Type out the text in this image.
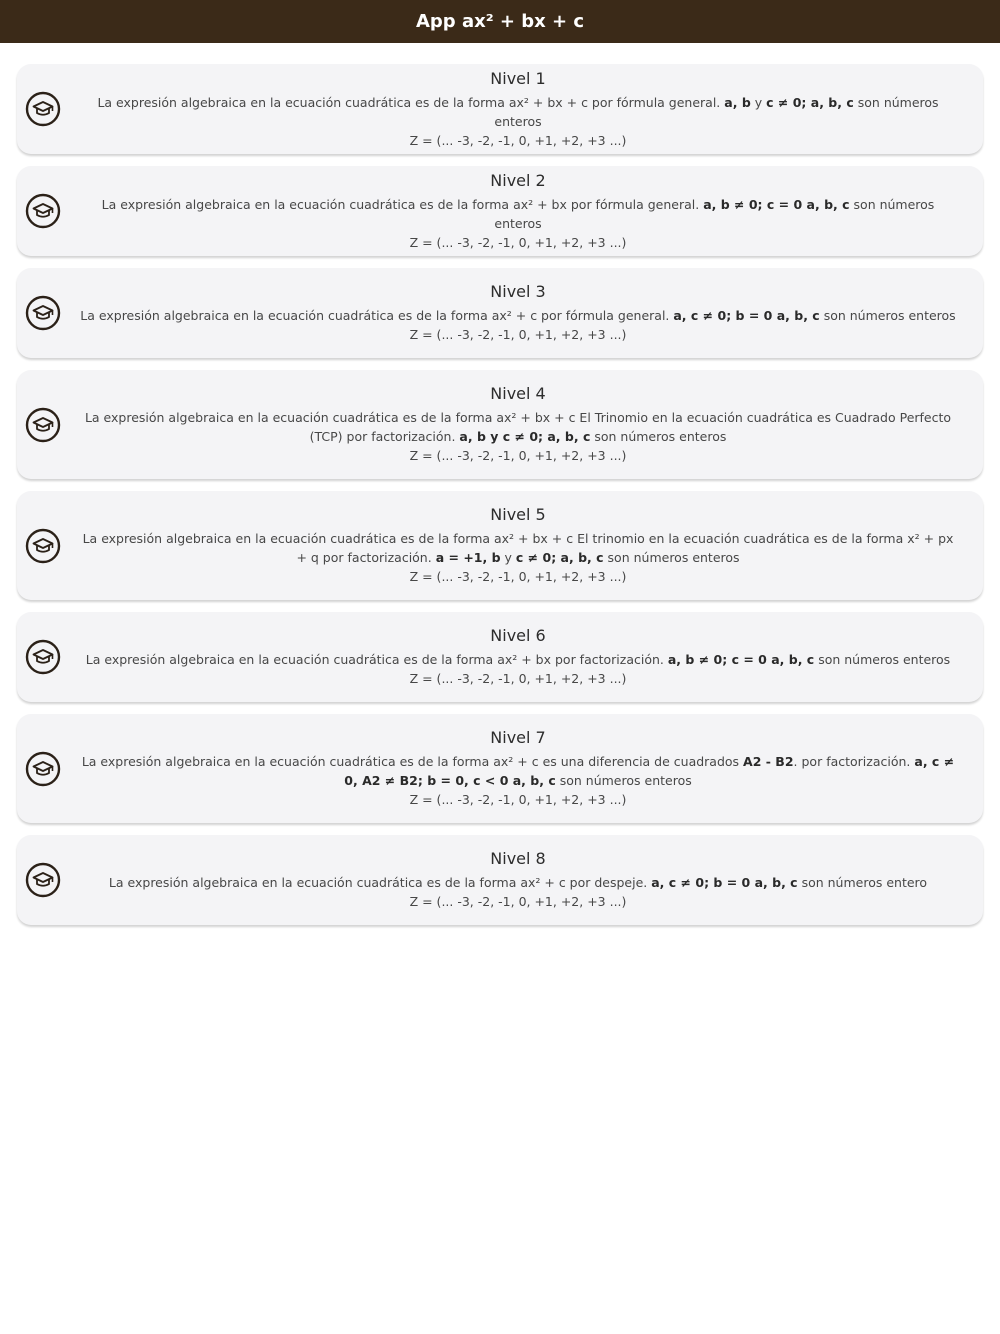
App ax² + bx + c
Nivel 1
La expresión algebraica en la ecuación cuadrática es de la forma ax² + bx + c por fórmula general. a, b y c ≠ 0; a, b, c son números enteros
Z = (... -3, -2, -1, 0, +1, +2, +3 ...)
Nivel 2
La expresión algebraica en la ecuación cuadrática es de la forma ax² + bx por fórmula general. a, b ≠ 0; c = 0 a, b, c son números enteros
Z = (... -3, -2, -1, 0, +1, +2, +3 ...)
Nivel 3
La expresión algebraica en la ecuación cuadrática es de la forma ax² + c por fórmula general. a, c ≠ 0; b = 0 a, b, c son números enteros
Z = (... -3, -2, -1, 0, +1, +2, +3 ...)
Nivel 4
La expresión algebraica en la ecuación cuadrática es de la forma ax² + bx + c El Trinomio en la ecuación cuadrática es Cuadrado Perfecto (TCP) por factorización. a, b y c ≠ 0; a, b, c son números enteros
Z = (... -3, -2, -1, 0, +1, +2, +3 ...)
Nivel 5
La expresión algebraica en la ecuación cuadrática es de la forma ax² + bx + c El trinomio en la ecuación cuadrática es de la forma x² + px + q por factorización. a = +1, b y c ≠ 0; a, b, c son números enteros
Z = (... -3, -2, -1, 0, +1, +2, +3 ...)
Nivel 6
La expresión algebraica en la ecuación cuadrática es de la forma ax² + bx por factorización. a, b ≠ 0; c = 0 a, b, c son números enteros
Z = (... -3, -2, -1, 0, +1, +2, +3 ...)
Nivel 7
La expresión algebraica en la ecuación cuadrática es de la forma ax² + c es una diferencia de cuadrados A2 - B2. por factorización. a, c ≠ 0, A2 ≠ B2; b = 0, c < 0 a, b, c son números enteros
Z = (... -3, -2, -1, 0, +1, +2, +3 ...)
Nivel 8
La expresión algebraica en la ecuación cuadrática es de la forma ax² + c por despeje. a, c ≠ 0; b = 0 a, b, c son números entero
Z = (... -3, -2, -1, 0, +1, +2, +3 ...)
